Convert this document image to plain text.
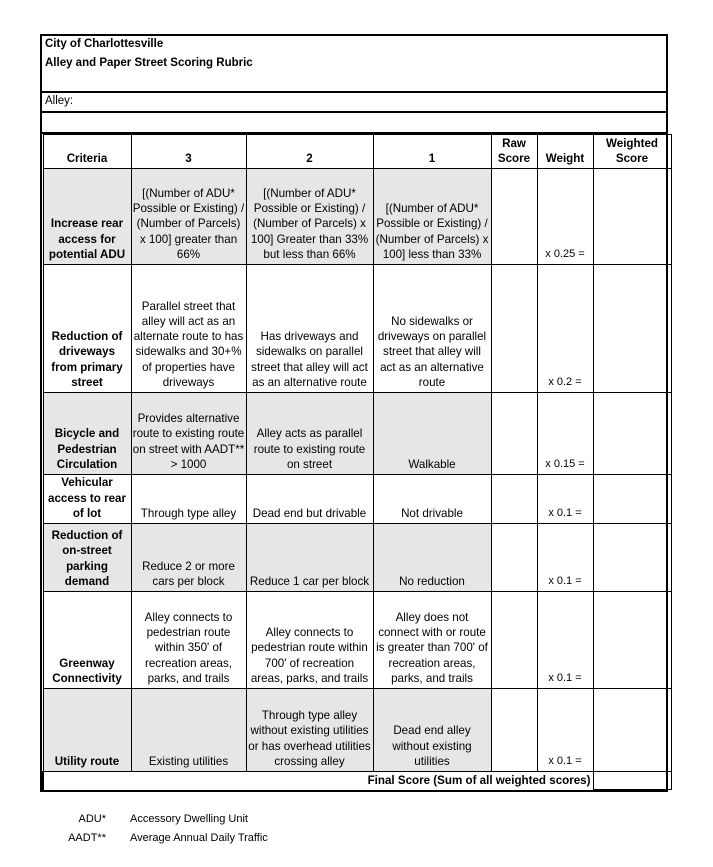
City of Charlottesville
Alley and Paper Street Scoring Rubric
Alley:
Criteria	3	2	1	Raw Score	Weight	Weighted Score
Increase rear access for potential ADU	[(Number of ADU* Possible or Existing) / (Number of Parcels) x 100] greater than 66%	[(Number of ADU* Possible or Existing) / (Number of Parcels) x 100] Greater than 33% but less than 66%	[(Number of ADU* Possible or Existing) / (Number of Parcels) x 100] less than 33%		x 0.25 =	
Reduction of driveways from primary street	Parallel street that alley will act as an alternate route to has sidewalks and 30+% of properties have driveways	Has driveways and sidewalks on parallel street that alley will act as an alternative route	No sidewalks or driveways on parallel street that alley will act as an alternative route		x 0.2 =	
Bicycle and Pedestrian Circulation	Provides alternative route to existing route on street with AADT** > 1000	Alley acts as parallel route to existing route on street	Walkable		x 0.15 =	
Vehicular access to rear of lot	Through type alley	Dead end but drivable	Not drivable		x 0.1 =	
Reduction of on-street parking demand	Reduce 2 or more cars per block	Reduce 1 car per block	No reduction		x 0.1 =	
Greenway Connectivity	Alley connects to pedestrian route within 350' of recreation areas, parks, and trails	Alley connects to pedestrian route within 700' of recreation areas, parks, and trails	Alley does not connect with or route is greater than 700' of recreation areas, parks, and trails		x 0.1 =	
Utility route	Existing utilities	Through type alley without existing utilities or has overhead utilities crossing alley	Dead end alley without existing utilities		x 0.1 =	
Final Score (Sum of all weighted scores)						
ADU* Accessory Dwelling Unit
AADT** Average Annual Daily Traffic
